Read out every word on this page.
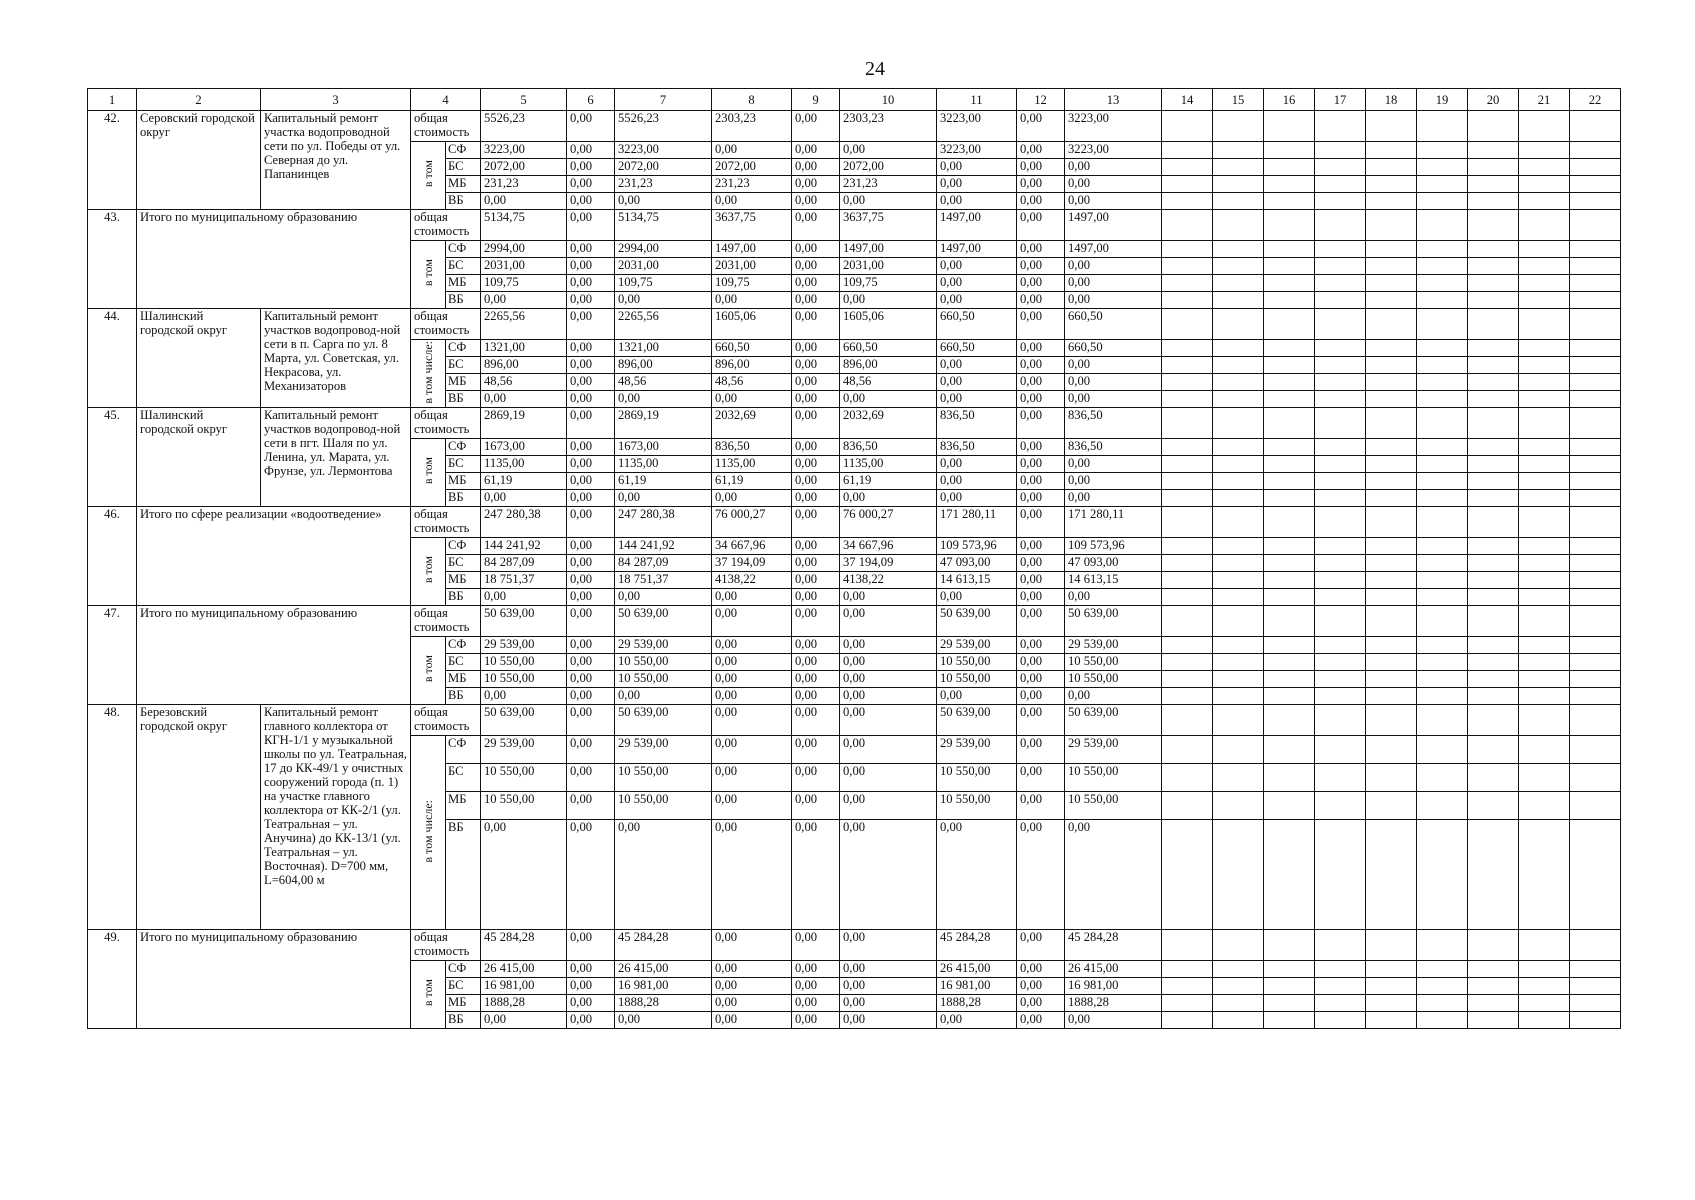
24
1	2	3	4		5	6	7	8	9	10	11	12	13	14	15	16	17	18	19	20	21	22
42.	Серовский городской округ	Капитальный ремонт участка водопроводной сети по ул. Победы от ул. Северная до ул. Папанинцев	общая
стоимость		5526,23	0,00	5526,23	2303,23	0,00	2303,23	3223,00	0,00	3223,00									
			в том	СФ	3223,00	0,00	3223,00	0,00	0,00	0,00	3223,00	0,00	3223,00									
				БС	2072,00	0,00	2072,00	2072,00	0,00	2072,00	0,00	0,00	0,00									
				МБ	231,23	0,00	231,23	231,23	0,00	231,23	0,00	0,00	0,00									
				ВБ	0,00	0,00	0,00	0,00	0,00	0,00	0,00	0,00	0,00									
43.	Итого по муниципальному образованию		общая
стоимость		5134,75	0,00	5134,75	3637,75	0,00	3637,75	1497,00	0,00	1497,00									
			в том	СФ	2994,00	0,00	2994,00	1497,00	0,00	1497,00	1497,00	0,00	1497,00									
				БС	2031,00	0,00	2031,00	2031,00	0,00	2031,00	0,00	0,00	0,00									
				МБ	109,75	0,00	109,75	109,75	0,00	109,75	0,00	0,00	0,00									
				ВБ	0,00	0,00	0,00	0,00	0,00	0,00	0,00	0,00	0,00									
44.	Шалинский городской округ	Капитальный ремонт участков водопровод-ной сети в п. Сарга по ул. 8 Марта, ул. Советская, ул. Некрасова, ул. Механизаторов	общая
стоимость		2265,56	0,00	2265,56	1605,06	0,00	1605,06	660,50	0,00	660,50									
			в том числе:	СФ	1321,00	0,00	1321,00	660,50	0,00	660,50	660,50	0,00	660,50									
				БС	896,00	0,00	896,00	896,00	0,00	896,00	0,00	0,00	0,00									
				МБ	48,56	0,00	48,56	48,56	0,00	48,56	0,00	0,00	0,00									
				ВБ	0,00	0,00	0,00	0,00	0,00	0,00	0,00	0,00	0,00									
45.	Шалинский городской округ	Капитальный ремонт участков водопровод-ной сети в пгт. Шаля по ул. Ленина, ул. Марата, ул. Фрунзе, ул. Лермонтова	общая
стоимость		2869,19	0,00	2869,19	2032,69	0,00	2032,69	836,50	0,00	836,50									
			в том	СФ	1673,00	0,00	1673,00	836,50	0,00	836,50	836,50	0,00	836,50									
				БС	1135,00	0,00	1135,00	1135,00	0,00	1135,00	0,00	0,00	0,00									
				МБ	61,19	0,00	61,19	61,19	0,00	61,19	0,00	0,00	0,00									
				ВБ	0,00	0,00	0,00	0,00	0,00	0,00	0,00	0,00	0,00									
46.	Итого по сфере реализации «водоотведение»		общая
стоимость		247 280,38	0,00	247 280,38	76 000,27	0,00	76 000,27	171 280,11	0,00	171 280,11									
			в том	СФ	144 241,92	0,00	144 241,92	34 667,96	0,00	34 667,96	109 573,96	0,00	109 573,96									
				БС	84 287,09	0,00	84 287,09	37 194,09	0,00	37 194,09	47 093,00	0,00	47 093,00									
				МБ	18 751,37	0,00	18 751,37	4138,22	0,00	4138,22	14 613,15	0,00	14 613,15									
				ВБ	0,00	0,00	0,00	0,00	0,00	0,00	0,00	0,00	0,00									
47.	Итого по муниципальному образованию		общая
стоимость		50 639,00	0,00	50 639,00	0,00	0,00	0,00	50 639,00	0,00	50 639,00									
			в том	СФ	29 539,00	0,00	29 539,00	0,00	0,00	0,00	29 539,00	0,00	29 539,00									
				БС	10 550,00	0,00	10 550,00	0,00	0,00	0,00	10 550,00	0,00	10 550,00									
				МБ	10 550,00	0,00	10 550,00	0,00	0,00	0,00	10 550,00	0,00	10 550,00									
				ВБ	0,00	0,00	0,00	0,00	0,00	0,00	0,00	0,00	0,00									
48.	Березовский городской округ	Капитальный ремонт главного коллектора от КГН-1/1 у музыкальной школы по ул. Театральная, 17 до КК-49/1 у очистных сооружений города (п. 1) на участке главного коллектора от КК-2/1 (ул. Театральная – ул. Анучина) до КК-13/1 (ул. Театральная – ул. Восточная). D=700 мм, L=604,00 м	общая
стоимость		50 639,00	0,00	50 639,00	0,00	0,00	0,00	50 639,00	0,00	50 639,00									
			в том числе:	СФ	29 539,00	0,00	29 539,00	0,00	0,00	0,00	29 539,00	0,00	29 539,00									
				БС	10 550,00	0,00	10 550,00	0,00	0,00	0,00	10 550,00	0,00	10 550,00									
				МБ	10 550,00	0,00	10 550,00	0,00	0,00	0,00	10 550,00	0,00	10 550,00									
				ВБ	0,00	0,00	0,00	0,00	0,00	0,00	0,00	0,00	0,00									
49.	Итого по муниципальному образованию		общая
стоимость		45 284,28	0,00	45 284,28	0,00	0,00	0,00	45 284,28	0,00	45 284,28									
			в том	СФ	26 415,00	0,00	26 415,00	0,00	0,00	0,00	26 415,00	0,00	26 415,00									
				БС	16 981,00	0,00	16 981,00	0,00	0,00	0,00	16 981,00	0,00	16 981,00									
				МБ	1888,28	0,00	1888,28	0,00	0,00	0,00	1888,28	0,00	1888,28									
				ВБ	0,00	0,00	0,00	0,00	0,00	0,00	0,00	0,00	0,00									
